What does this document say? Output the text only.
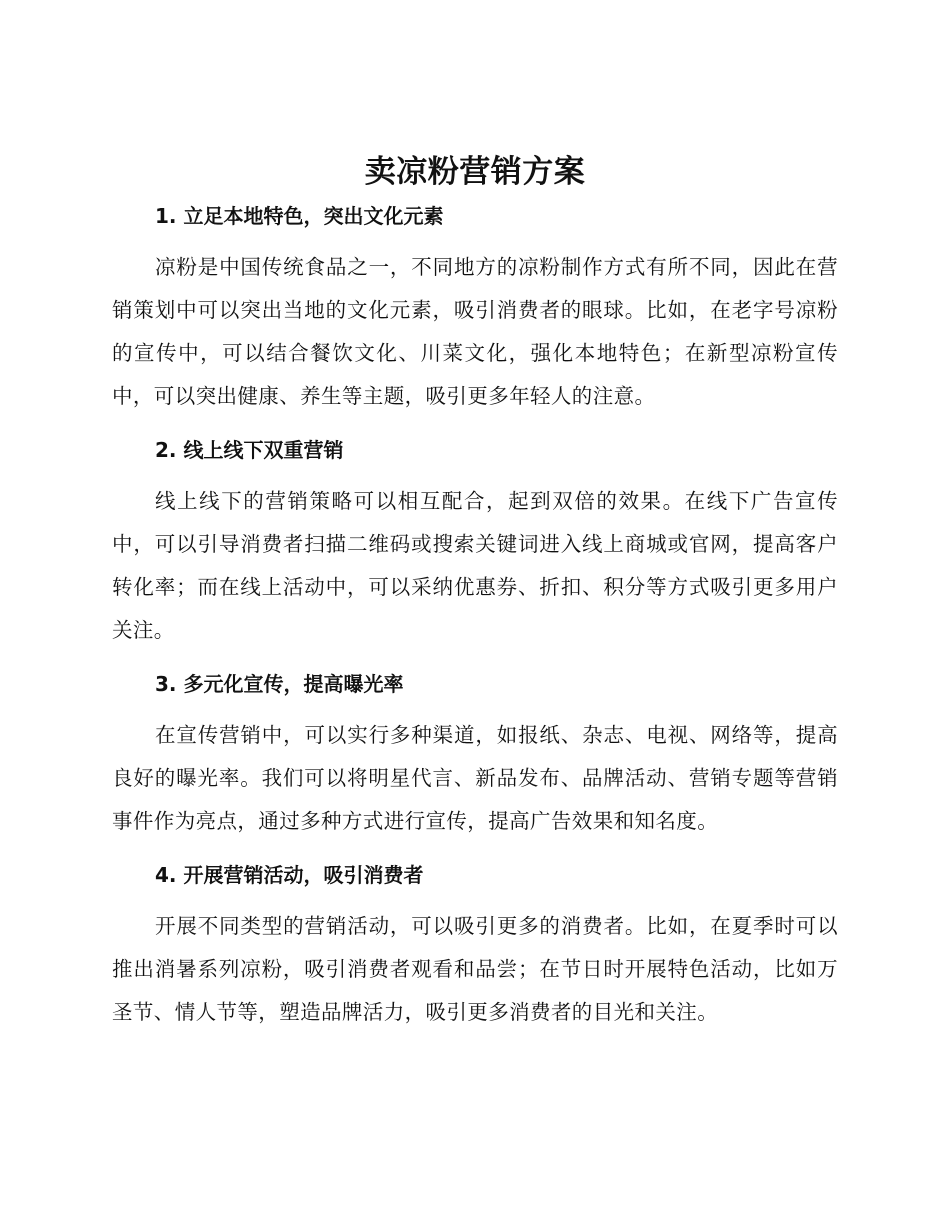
卖凉粉营销方案
1. 立足本地特色，突出文化元素

凉粉是中国传统食品之一，不同地方的凉粉制作方式有所不同，因此在营销策划中可以突出当地的文化元素，吸引消费者的眼球。比如，在老字号凉粉的宣传中，可以结合餐饮文化、川菜文化，强化本地特色；在新型凉粉宣传中，可以突出健康、养生等主题，吸引更多年轻人的注意。

2. 线上线下双重营销

线上线下的营销策略可以相互配合，起到双倍的效果。在线下广告宣传中，可以引导消费者扫描二维码或搜索关键词进入线上商城或官网，提高客户转化率；而在线上活动中，可以采纳优惠券、折扣、积分等方式吸引更多用户关注。

3. 多元化宣传，提高曝光率

在宣传营销中，可以实行多种渠道，如报纸、杂志、电视、网络等，提高良好的曝光率。我们可以将明星代言、新品发布、品牌活动、营销专题等营销事件作为亮点，通过多种方式进行宣传，提高广告效果和知名度。

4. 开展营销活动，吸引消费者

开展不同类型的营销活动，可以吸引更多的消费者。比如，在夏季时可以推出消暑系列凉粉，吸引消费者观看和品尝；在节日时开展特色活动，比如万圣节、情人节等，塑造品牌活力，吸引更多消费者的目光和关注。
